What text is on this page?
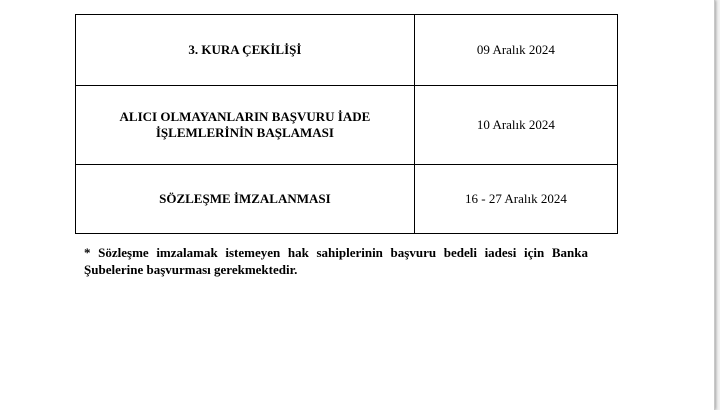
3. KURA ÇEKİLİŞİ	09 Aralık 2024

ALICI OLMAYANLARIN BAŞVURU İADE
İŞLEMLERİNİN BAŞLAMASI	10 Aralık 2024

SÖZLEŞME İMZALANMASI	16 - 27 Aralık 2024
* Sözleşme imzalamak istemeyen hak sahiplerinin başvuru bedeli iadesi için Banka
Şubelerine başvurması gerekmektedir.
